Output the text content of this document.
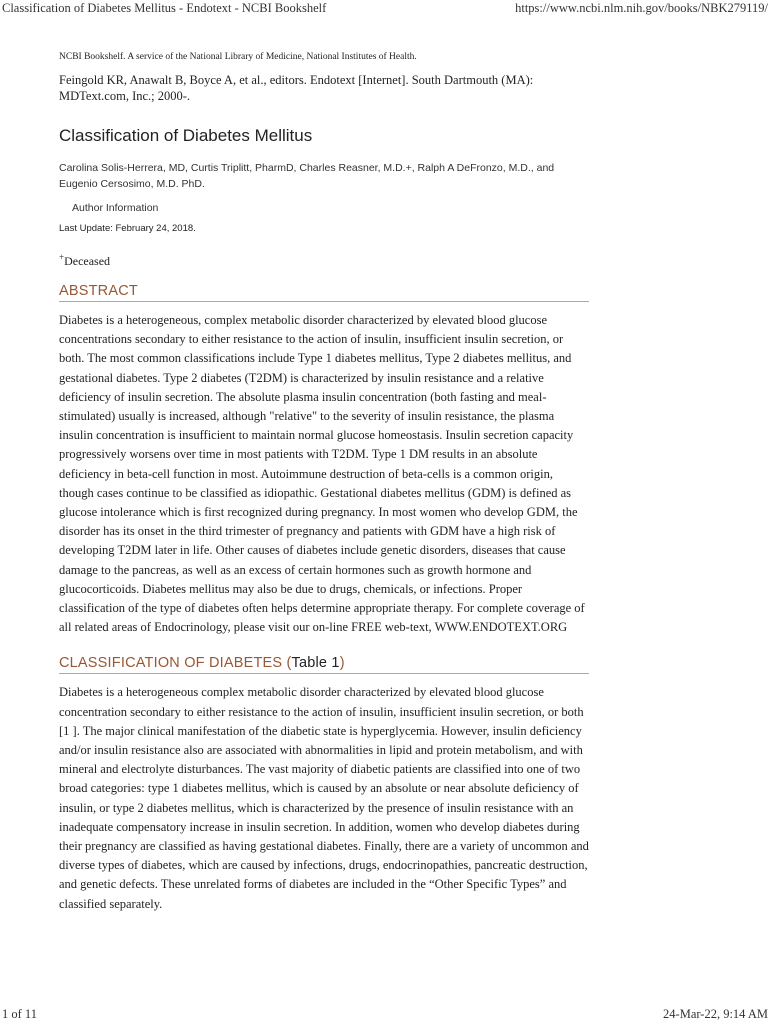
Classification of Diabetes Mellitus - Endotext - NCBI Bookshelf	https://www.ncbi.nlm.nih.gov/books/NBK279119/
NCBI Bookshelf. A service of the National Library of Medicine, National Institutes of Health.
Feingold KR, Anawalt B, Boyce A, et al., editors. Endotext [Internet]. South Dartmouth (MA): MDText.com, Inc.; 2000-.
Classification of Diabetes Mellitus
Carolina Solis-Herrera, MD, Curtis Triplitt, PharmD, Charles Reasner, M.D.+, Ralph A DeFronzo, M.D., and Eugenio Cersosimo, M.D. PhD.
Author Information
Last Update: February 24, 2018.
+Deceased
ABSTRACT
Diabetes is a heterogeneous, complex metabolic disorder characterized by elevated blood glucose concentrations secondary to either resistance to the action of insulin, insufficient insulin secretion, or both. The most common classifications include Type 1 diabetes mellitus, Type 2 diabetes mellitus, and gestational diabetes. Type 2 diabetes (T2DM) is characterized by insulin resistance and a relative deficiency of insulin secretion. The absolute plasma insulin concentration (both fasting and meal-stimulated) usually is increased, although "relative" to the severity of insulin resistance, the plasma insulin concentration is insufficient to maintain normal glucose homeostasis. Insulin secretion capacity progressively worsens over time in most patients with T2DM. Type 1 DM results in an absolute deficiency in beta-cell function in most. Autoimmune destruction of beta-cells is a common origin, though cases continue to be classified as idiopathic. Gestational diabetes mellitus (GDM) is defined as glucose intolerance which is first recognized during pregnancy. In most women who develop GDM, the disorder has its onset in the third trimester of pregnancy and patients with GDM have a high risk of developing T2DM later in life. Other causes of diabetes include genetic disorders, diseases that cause damage to the pancreas, as well as an excess of certain hormones such as growth hormone and glucocorticoids. Diabetes mellitus may also be due to drugs, chemicals, or infections. Proper classification of the type of diabetes often helps determine appropriate therapy. For complete coverage of all related areas of Endocrinology, please visit our on-line FREE web-text, WWW.ENDOTEXT.ORG
CLASSIFICATION OF DIABETES (Table 1)
Diabetes is a heterogeneous complex metabolic disorder characterized by elevated blood glucose concentration secondary to either resistance to the action of insulin, insufficient insulin secretion, or both [1 ]. The major clinical manifestation of the diabetic state is hyperglycemia. However, insulin deficiency and/or insulin resistance also are associated with abnormalities in lipid and protein metabolism, and with mineral and electrolyte disturbances. The vast majority of diabetic patients are classified into one of two broad categories: type 1 diabetes mellitus, which is caused by an absolute or near absolute deficiency of insulin, or type 2 diabetes mellitus, which is characterized by the presence of insulin resistance with an inadequate compensatory increase in insulin secretion. In addition, women who develop diabetes during their pregnancy are classified as having gestational diabetes. Finally, there are a variety of uncommon and diverse types of diabetes, which are caused by infections, drugs, endocrinopathies, pancreatic destruction, and genetic defects. These unrelated forms of diabetes are included in the “Other Specific Types” and classified separately.
1 of 11	24-Mar-22, 9:14 AM
